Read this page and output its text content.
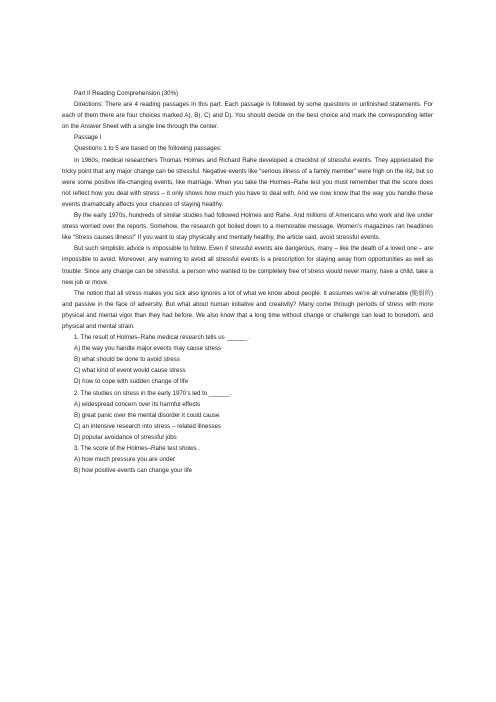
Part II Reading Comprehension (30%)

Directions: There are 4 reading passages in this part. Each passage is followed by some questions or unfinished statements. For each of them there are four choices marked A), B), C) and D). You should decide on the best choice and mark the corresponding letter on the Answer Sheet with a single line through the center.

Passage I

Questions 1 to 5 are based on the following passages:

In 1960s, medical researchers Thomas Holmes and Richard Rahe developed a checklist of stressful events. They appreciated the tricky point that any major change can be stressful. Negative events like “serious illness of a family member” were high on the list, but so were some positive life-changing events, like marriage. When you take the Holmes–Rahe test you must remember that the score does not reflect how you deal with stress – it only shows how much you have to deal with. And we now know that the way you handle these events dramatically affects your chances of staying healthy.

By the early 1970s, hundreds of similar studies had followed Holmes and Rahe. And millions of Americans who work and live under stress worried over the reports. Somehow, the research got boiled down to a memorable message. Women’s magazines ran headlines like “Stress causes illness!” If you want to stay physically and mentally healthy, the article said, avoid stressful events.

But such simplistic advice is impossible to follow. Even if stressful events are dangerous, many – like the death of a loved one – are impossible to avoid. Moreover, any warning to avoid all stressful events is a prescription for staying away from opportunities as well as trouble. Since any change can be stressful, a person who wanted to be completely free of stress would never marry, have a child, take a new job or move.

The notion that all stress makes you sick also ignores a lot of what we know about people. It assumes we’re all vulnerable (脆弱的) and passive in the face of adversity. But what about human initiative and creativity? Many come through periods of stress with more physical and mental vigor than they had before. We also know that a long time without change or challenge can lead to boredom, and physical and mental strain.

1. The result of Holmes–Rahe medical research tells us ______ .

A) the way you handle major events may cause stress

B) what should be done to avoid stress

C) what kind of event would cause stress

D) how to cope with sudden change of life

2. The studies on stress in the early 1970’s led to ______.

A) widespread concern over its harmful effects

B) great panic over the mental disorder it could cause

C) an intensive research into stress – related illnesses

D) popular avoidance of stressful jobs

3. The score of the Holmes–Rahe test shows .

A) how much pressure you are under

B) how positive events can change your life
